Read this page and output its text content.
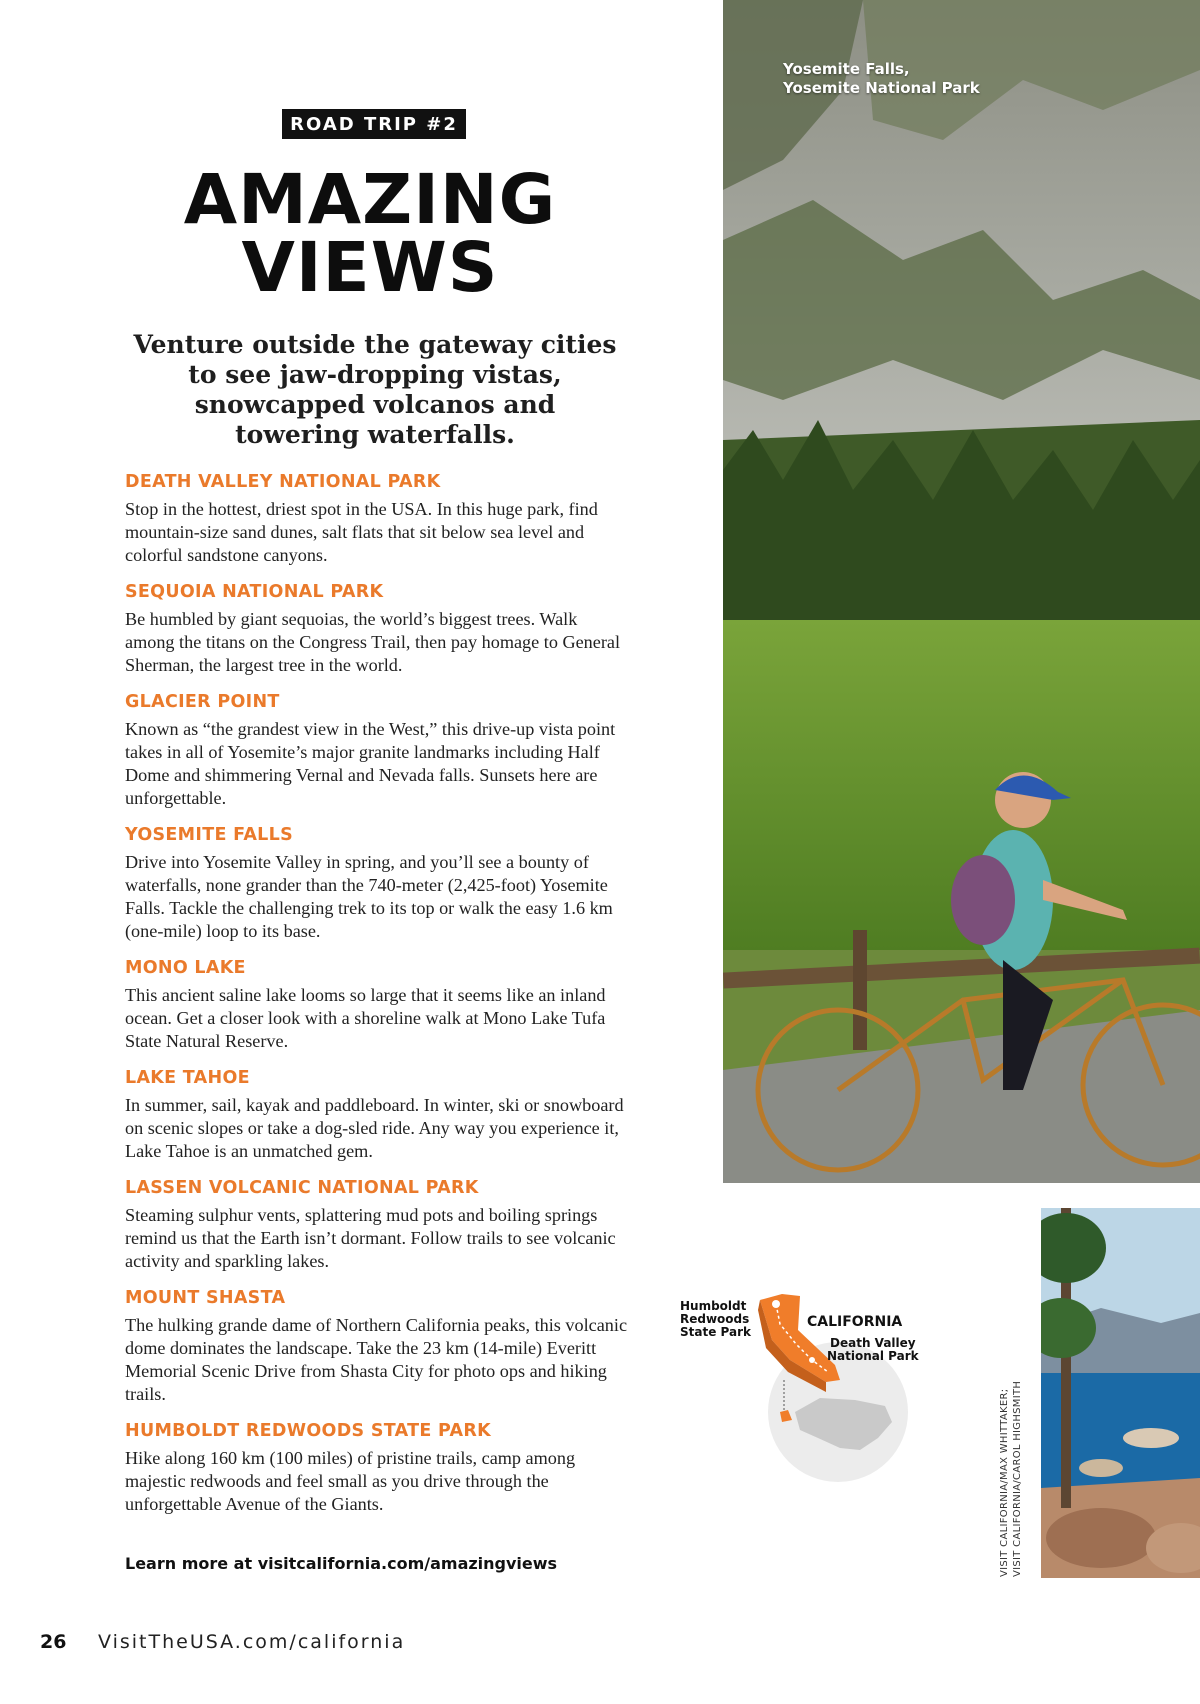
ROAD TRIP #2
AMAZING
VIEWS
Venture outside the gateway cities to see jaw-dropping vistas, snowcapped volcanos and towering waterfalls.
DEATH VALLEY NATIONAL PARK

Stop in the hottest, driest spot in the USA. In this huge park, find mountain-size sand dunes, salt flats that sit below sea level and colorful sandstone canyons.

SEQUOIA NATIONAL PARK

Be humbled by giant sequoias, the world’s biggest trees. Walk among the titans on the Congress Trail, then pay homage to General Sherman, the largest tree in the world.

GLACIER POINT

Known as “the grandest view in the West,” this drive-up vista point takes in all of Yosemite’s major granite landmarks including Half Dome and shimmering Vernal and Nevada falls. Sunsets here are unforgettable.

YOSEMITE FALLS

Drive into Yosemite Valley in spring, and you’ll see a bounty of waterfalls, none grander than the 740-meter (2,425-foot) Yosemite Falls. Tackle the challenging trek to its top or walk the easy 1.6 km (one-mile) loop to its base.

MONO LAKE

This ancient saline lake looms so large that it seems like an inland ocean. Get a closer look with a shoreline walk at Mono Lake Tufa State Natural Reserve.

LAKE TAHOE

In summer, sail, kayak and paddleboard. In winter, ski or snowboard on scenic slopes or take a dog-sled ride. Any way you experience it, Lake Tahoe is an unmatched gem.

LASSEN VOLCANIC NATIONAL PARK

Steaming sulphur vents, splattering mud pots and boiling springs remind us that the Earth isn’t dormant. Follow trails to see volcanic activity and sparkling lakes.

MOUNT SHASTA

The hulking grande dame of Northern California peaks, this volcanic dome dominates the landscape. Take the 23 km (14-mile) Everitt Memorial Scenic Drive from Shasta City for photo ops and hiking trails.

HUMBOLDT REDWOODS STATE PARK

Hike along 160 km (100 miles) of pristine trails, camp among majestic redwoods and feel small as you drive through the unforgettable Avenue of the Giants.

Learn more at visitcalifornia.com/amazingviews
26 VisitTheUSA.com/california
Yosemite Falls,
Yosemite National Park
VISIT CALIFORNIA/MAX WHITTAKER; VISIT CALIFORNIA/CAROL HIGHSMITH
Humboldt
Redwoods
State Park
CALIFORNIA
Death Valley
National Park
